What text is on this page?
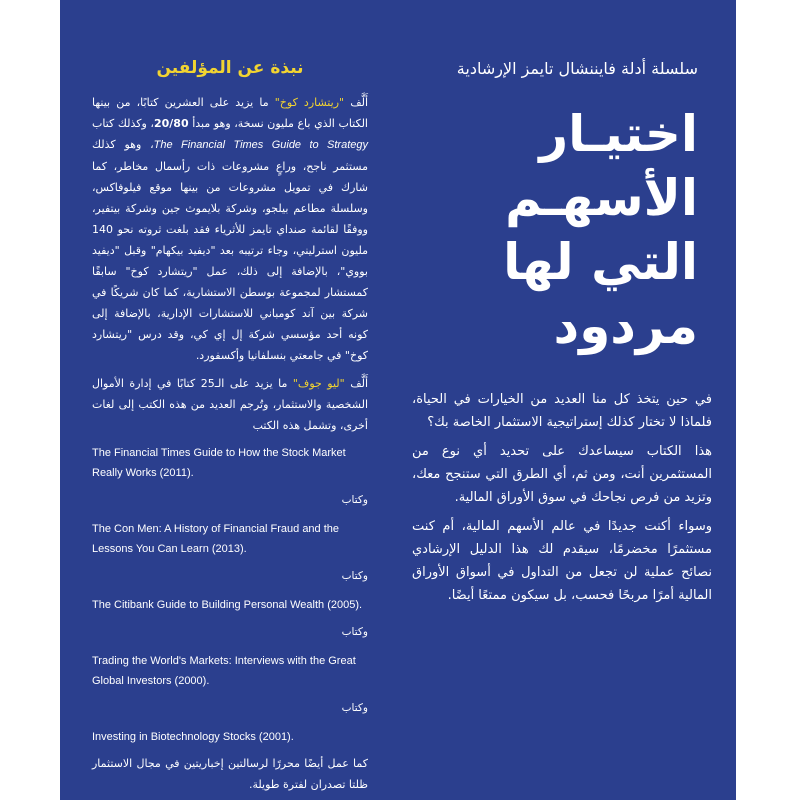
نبذة عن المؤلفين

أَلَّف "ريتشارد كوخ" ما يزيد على العشرين كتابًا، من بينها الكتاب الذي باع مليون نسخة، وهو مبدأ 20/80، وكذلك كتاب The Financial Times Guide to Strategy، وهو كذلك مستثمر ناجح، وراعٍ مشروعات ذات رأسمال مخاطر، كما شارك في تمويل مشروعات من بينها موقع فيلوفاكس، وسلسلة مطاعم بيلجو، وشركة بلايموث جين وشركة بيتفير، ووفقًا لقائمة صنداي تايمز للأثرياء فقد بلغت ثروته نحو 140 مليون استرليني، وجاء ترتيبه بعد "ديفيد بيكهام" وقبل "ديفيد بووي"، بالإضافة إلى ذلك، عمل "ريتشارد كوخ" سابقًا كمستشار لمجموعة بوسطن الاستشارية، كما كان شريكًا في شركة بين آند كومباني للاستشارات الإدارية، بالإضافة إلى كونه أحد مؤسسي شركة إل إي كي، وقد درس "ريتشارد كوخ" في جامعتي بنسلفانيا وأكسفورد.

أَلَّف "ليو جوف" ما يزيد على الـ25 كتابًا في إدارة الأموال الشخصية والاستثمار، وتُرجم العديد من هذه الكتب إلى لغات أخرى، وتشمل هذه الكتب

The Financial Times Guide to How the Stock Market Really Works (2011).

وكتاب

The Con Men: A History of Financial Fraud and the Lessons You Can Learn (2013).

وكتاب

The Citibank Guide to Building Personal Wealth (2005).

وكتاب

Trading the World's Markets: Interviews with the Great Global Investors (2000).

وكتاب

Investing in Biotechnology Stocks (2001).

كما عمل أيضًا محررًا لرسالتين إخباريتين في مجال الاستثمار ظلتا تصدران لفترة طويلة.

سلسلة أدلة فايننشال تايمز الإرشادية
اختيـار الأسهـم
التي لها مردود

في حين يتخذ كل منا العديد من الخيارات في الحياة، فلماذا لا تختار كذلك إستراتيجية الاستثمار الخاصة بك؟

هذا الكتاب سيساعدك على تحديد أي نوع من المستثمرين أنت، ومن ثم، أي الطرق التي ستنجح معك، وتزيد من فرص نجاحك في سوق الأوراق المالية.

وسواء أكنت جديدًا في عالم الأسهم المالية، أم كنت مستثمرًا مخضرمًا، سيقدم لك هذا الدليل الإرشادي نصائح عملية لن تجعل من التداول في أسواق الأوراق المالية أمرًا مربحًا فحسب، بل سيكون ممتعًا أيضًا.
